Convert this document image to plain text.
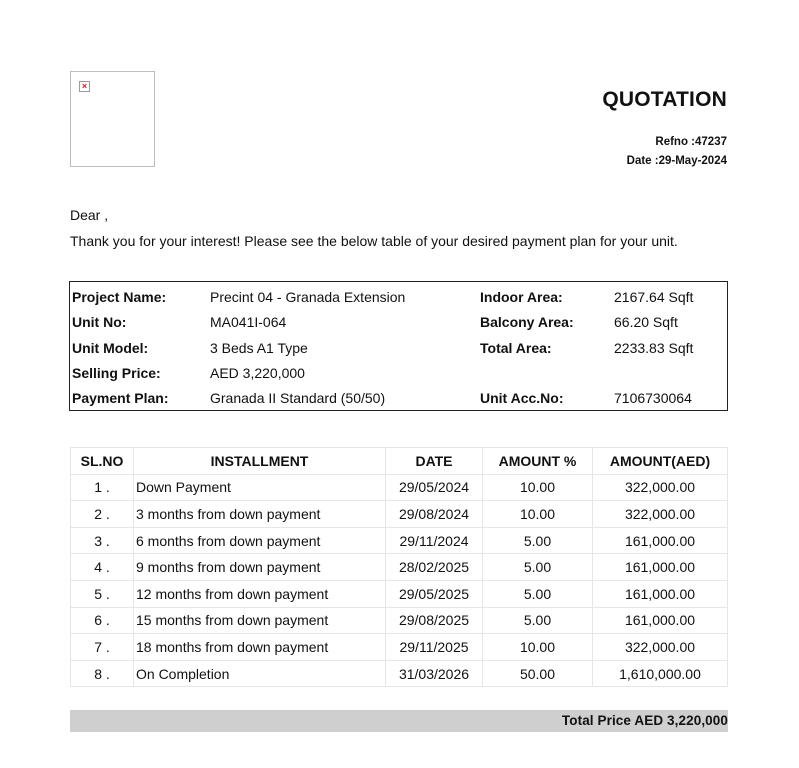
×
QUOTATION
Refno :47237
Date :29-May-2024
Dear ,
Thank you for your interest! Please see the below table of your desired payment plan for your unit.
Project Name:	Precint 04 - Granada Extension	Indoor Area:	2167.64 Sqft
Unit No:	MA041I-064	Balcony Area:	66.20 Sqft
Unit Model:	3 Beds A1 Type	Total Area:	2233.83 Sqft
Selling Price:	AED 3,220,000
Payment Plan:	Granada II Standard (50/50)	Unit Acc.No:	7106730064
SL.NO	INSTALLMENT	DATE	AMOUNT %	AMOUNT(AED)
1 .	Down Payment	29/05/2024	10.00	322,000.00
2 .	3 months from down payment	29/08/2024	10.00	322,000.00
3 .	6 months from down payment	29/11/2024	5.00	161,000.00
4 .	9 months from down payment	28/02/2025	5.00	161,000.00
5 .	12 months from down payment	29/05/2025	5.00	161,000.00
6 .	15 months from down payment	29/08/2025	5.00	161,000.00
7 .	18 months from down payment	29/11/2025	10.00	322,000.00
8 .	On Completion	31/03/2026	50.00	1,610,000.00
Total Price AED 3,220,000
